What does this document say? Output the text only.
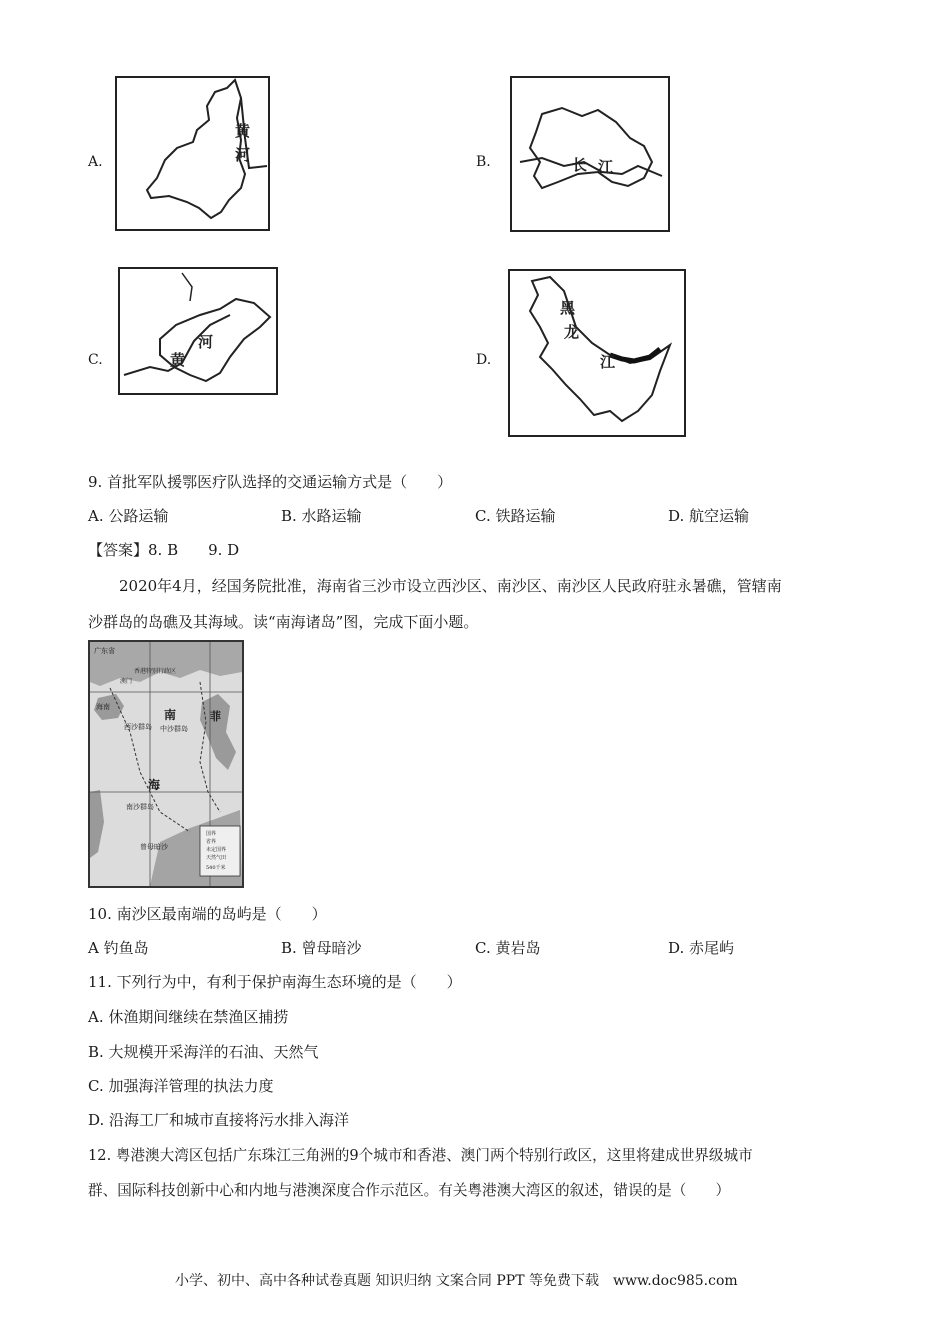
A.
黄
河	B.	长 江
C.
河
黄	D.
黑
龙
江
9. 首批军队援鄂医疗队选择的交通运输方式是（　　）
A. 公路运输	B. 水路运输	C. 铁路运输	D. 航空运输
【答案】8. B　　9. D
2020年4月，经国务院批准，海南省三沙市设立西沙区、南沙区、南沙区人民政府驻永暑礁，管辖南
沙群岛的岛礁及其海域。读“南海诸岛”图，完成下面小题。
广东省
香港特别行政区
澳门
海南
西沙群岛 中沙群岛
南
海
菲
南沙群岛
曾母暗沙
国界
省界
未定国界
天然气田
540千米
10. 南沙区最南端的岛屿是（　　）
A 钓鱼岛	B. 曾母暗沙	C. 黄岩岛	D. 赤尾屿
11. 下列行为中，有利于保护南海生态环境的是（　　）
A. 休渔期间继续在禁渔区捕捞
B. 大规模开采海洋的石油、天然气
C. 加强海洋管理的执法力度
D. 沿海工厂和城市直接将污水排入海洋
12. 粤港澳大湾区包括广东珠江三角洲的9个城市和香港、澳门两个特别行政区，这里将建成世界级城市
群、国际科技创新中心和内地与港澳深度合作示范区。有关粤港澳大湾区的叙述，错误的是（　　）
小学、初中、高中各种试卷真题 知识归纳 文案合同 PPT 等免费下载　www.doc985.com
